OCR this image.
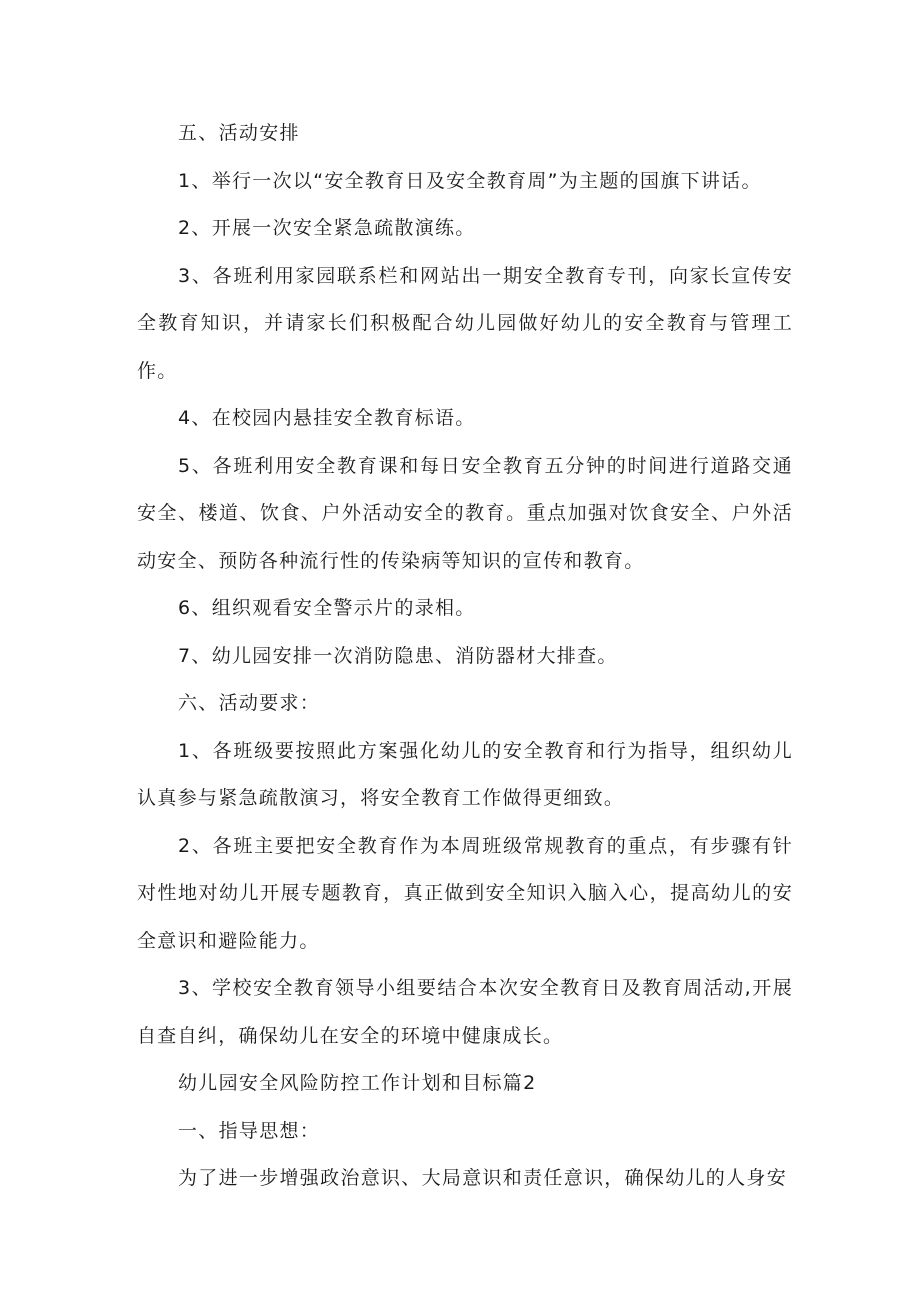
五、活动安排

1、举行一次以“安全教育日及安全教育周”为主题的国旗下讲话。

2、开展一次安全紧急疏散演练。

3、各班利用家园联系栏和网站出一期安全教育专刊，向家长宣传安全教育知识，并请家长们积极配合幼儿园做好幼儿的安全教育与管理工作。

4、在校园内悬挂安全教育标语。

5、各班利用安全教育课和每日安全教育五分钟的时间进行道路交通安全、楼道、饮食、户外活动安全的教育。重点加强对饮食安全、户外活动安全、预防各种流行性的传染病等知识的宣传和教育。

6、组织观看安全警示片的录相。

7、幼儿园安排一次消防隐患、消防器材大排查。

六、活动要求：

1、各班级要按照此方案强化幼儿的安全教育和行为指导，组织幼儿认真参与紧急疏散演习，将安全教育工作做得更细致。

2、各班主要把安全教育作为本周班级常规教育的重点，有步骤有针对性地对幼儿开展专题教育，真正做到安全知识入脑入心，提高幼儿的安全意识和避险能力。

3、学校安全教育领导小组要结合本次安全教育日及教育周活动,开展自查自纠，确保幼儿在安全的环境中健康成长。

幼儿园安全风险防控工作计划和目标篇2

一、指导思想：

为了进一步增强政治意识、大局意识和责任意识，确保幼儿的人身安
